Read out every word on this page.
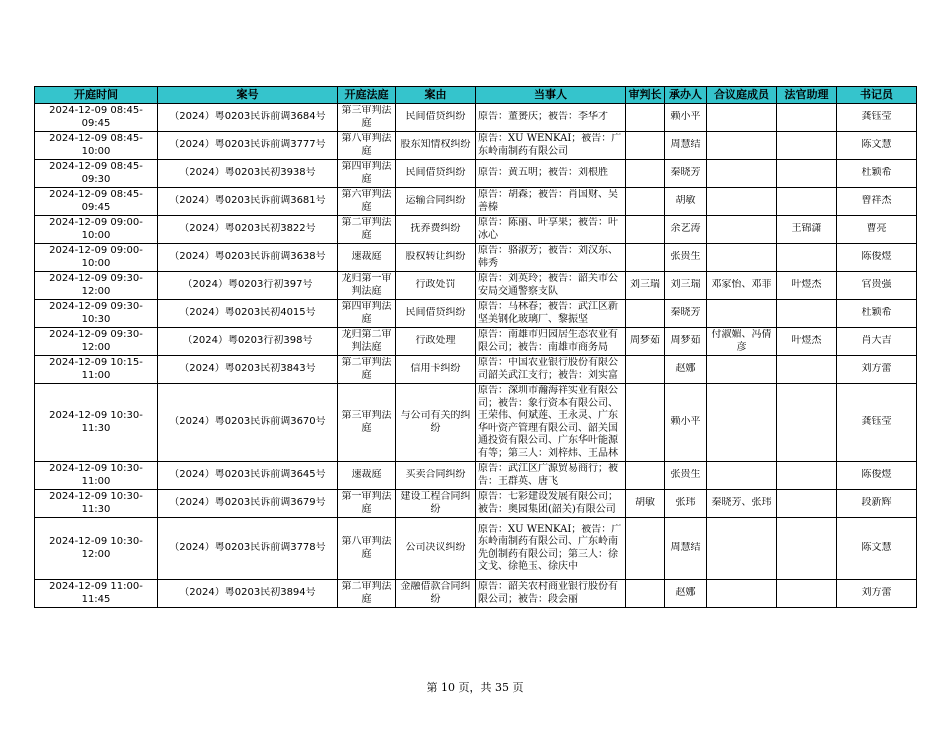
开庭时间	案号	开庭法庭	案由	当事人	审判长	承办人	合议庭成员	法官助理	书记员

2024-12-09 08:45-09:45	（2024）粤0203民诉前调3684号	第三审判法庭	民间借贷纠纷	原告：董赟庆；被告：李华才		赖小平			龚钰莹

2024-12-09 08:45-10:00	（2024）粤0203民诉前调3777号	第八审判法庭	股东知情权纠纷	原告：XU WENKAI；被告：广东岭南制药有限公司		周慧结			陈文慧

2024-12-09 08:45-09:30	（2024）粤0203民初3938号	第四审判法庭	民间借贷纠纷	原告：黄五明；被告：刘根胜		秦晓芳			杜颖希

2024-12-09 08:45-09:45	（2024）粤0203民诉前调3681号	第六审判法庭	运输合同纠纷	原告：胡森；被告：肖国财、吴善榛		胡敏			曾祥杰

2024-12-09 09:00-10:00	（2024）粤0203民初3822号	第二审判法庭	抚养费纠纷	原告：陈丽、叶享果；被告：叶冰心		余艺涛		王锦潇	曹亮

2024-12-09 09:00-10:00	（2024）粤0203民诉前调3638号	速裁庭	股权转让纠纷	原告：骆淑芳；被告：刘汉东、韩秀		张贵生			陈俊煜

2024-12-09 09:30-12:00	（2024）粤0203行初397号	龙归第一审判法庭	行政处罚	原告：刘英玲；被告：韶关市公安局交通警察支队	刘三瑞	刘三瑞	邓家怡、邓菲	叶煜杰	官贵强

2024-12-09 09:30-10:30	（2024）粤0203民初4015号	第四审判法庭	民间借贷纠纷	原告：马林春；被告：武江区新坚美钢化玻璃厂、黎振坚		秦晓芳			杜颖希

2024-12-09 09:30-12:00	（2024）粤0203行初398号	龙归第二审判法庭	行政处理	原告：南雄市归园居生态农业有限公司；被告：南雄市商务局	周梦茹	周梦茹	付淑媚、冯倩彦	叶煜杰	肖大吉

2024-12-09 10:15-11:00	（2024）粤0203民初3843号	第二审判法庭	信用卡纠纷	原告：中国农业银行股份有限公司韶关武江支行；被告：刘实富		赵娜			刘方蕾

2024-12-09 10:30-11:30	（2024）粤0203民诉前调3670号	第三审判法庭	与公司有关的纠纷	原告：深圳市瀚海祥实业有限公司；被告：象行资本有限公司、王荣伟、何斌莲、王永灵、广东华叶资产管理有限公司、韶关国通投资有限公司、广东华叶能源有等；第三人：刘梓炜、王品林		赖小平			龚钰莹

2024-12-09 10:30-11:00	（2024）粤0203民诉前调3645号	速裁庭	买卖合同纠纷	原告：武江区广源贸易商行；被告：王群英、唐飞		张贵生			陈俊煜

2024-12-09 10:30-11:30	（2024）粤0203民诉前调3679号	第一审判法庭	建设工程合同纠纷	原告：七彩建设发展有限公司；被告：奥园集团(韶关)有限公司	胡敏	张玮	秦晓芳、张玮		段新辉

2024-12-09 10:30-12:00	（2024）粤0203民诉前调3778号	第八审判法庭	公司决议纠纷	原告：XU WENKAI；被告：广东岭南制药有限公司、广东岭南先创制药有限公司；第三人：徐文戈、徐艳玉、徐庆中		周慧结			陈文慧

2024-12-09 11:00-11:45	（2024）粤0203民初3894号	第二审判法庭	金融借款合同纠纷	原告：韶关农村商业银行股份有限公司；被告：段会丽		赵娜			刘方蕾
第 10 页，共 35 页
